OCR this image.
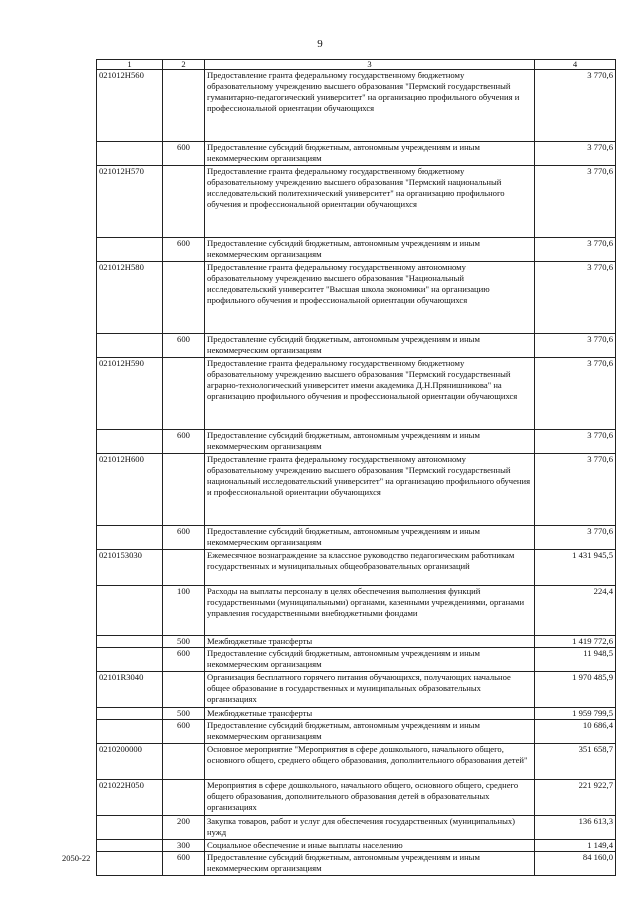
9
1	2	3	4
021012Н560		Предоставление гранта федеральному государственному бюджетному образовательному учреждению высшего образования "Пермский государственный гуманитарно-педагогический университет" на организацию профильного обучения и профессиональной ориентации обучающихся	3 770,6
	600	Предоставление субсидий бюджетным, автономным учреждениям и иным некоммерческим организациям	3 770,6
021012Н570		Предоставление гранта федеральному государственному бюджетному образовательному учреждению высшего образования "Пермский национальный исследовательский политехнический университет" на организацию профильного обучения и профессиональной ориентации обучающихся	3 770,6
	600	Предоставление субсидий бюджетным, автономным учреждениям и иным некоммерческим организациям	3 770,6
021012Н580		Предоставление гранта федеральному государственному автономному образовательному учреждению высшего образования "Национальный исследовательский университет "Высшая школа экономики" на организацию профильного обучения и профессиональной ориентации обучающихся	3 770,6
	600	Предоставление субсидий бюджетным, автономным учреждениям и иным некоммерческим организациям	3 770,6
021012Н590		Предоставление гранта федеральному государственному бюджетному образовательному учреждению высшего образования "Пермский государственный аграрно-технологический университет имени академика Д.Н.Прянишникова" на организацию профильного обучения и профессиональной ориентации обучающихся	3 770,6
	600	Предоставление субсидий бюджетным, автономным учреждениям и иным некоммерческим организациям	3 770,6
021012Н600		Предоставление гранта федеральному государственному автономному образовательному учреждению высшего образования "Пермский государственный национальный исследовательский университет" на организацию профильного обучения и профессиональной ориентации обучающихся	3 770,6
	600	Предоставление субсидий бюджетным, автономным учреждениям и иным некоммерческим организациям	3 770,6
0210153030		Ежемесячное вознаграждение за классное руководство педагогическим работникам государственных и муниципальных общеобразовательных организаций	1 431 945,5
	100	Расходы на выплаты персоналу в целях обеспечения выполнения функций государственными (муниципальными) органами, казенными учреждениями, органами управления государственными внебюджетными фондами	224,4
	500	Межбюджетные трансферты	1 419 772,6
	600	Предоставление субсидий бюджетным, автономным учреждениям и иным некоммерческим организациям	11 948,5
02101R3040		Организация бесплатного горячего питания обучающихся, получающих начальное общее образование в государственных и муниципальных образовательных организациях	1 970 485,9
	500	Межбюджетные трансферты	1 959 799,5
	600	Предоставление субсидий бюджетным, автономным учреждениям и иным некоммерческим организациям	10 686,4
0210200000		Основное мероприятие "Мероприятия в сфере дошкольного, начального общего, основного общего, среднего общего образования, дополнительного образования детей"	351 658,7
021022Н050		Мероприятия в сфере дошкольного, начального общего, основного общего, среднего общего образования, дополнительного образования детей в образовательных организациях	221 922,7
	200	Закупка товаров, работ и услуг для обеспечения государственных (муниципальных) нужд	136 613,3
	300	Социальное обеспечение и иные выплаты населению	1 149,4
	600	Предоставление субсидий бюджетным, автономным учреждениям и иным некоммерческим организациям	84 160,0
2050-22
